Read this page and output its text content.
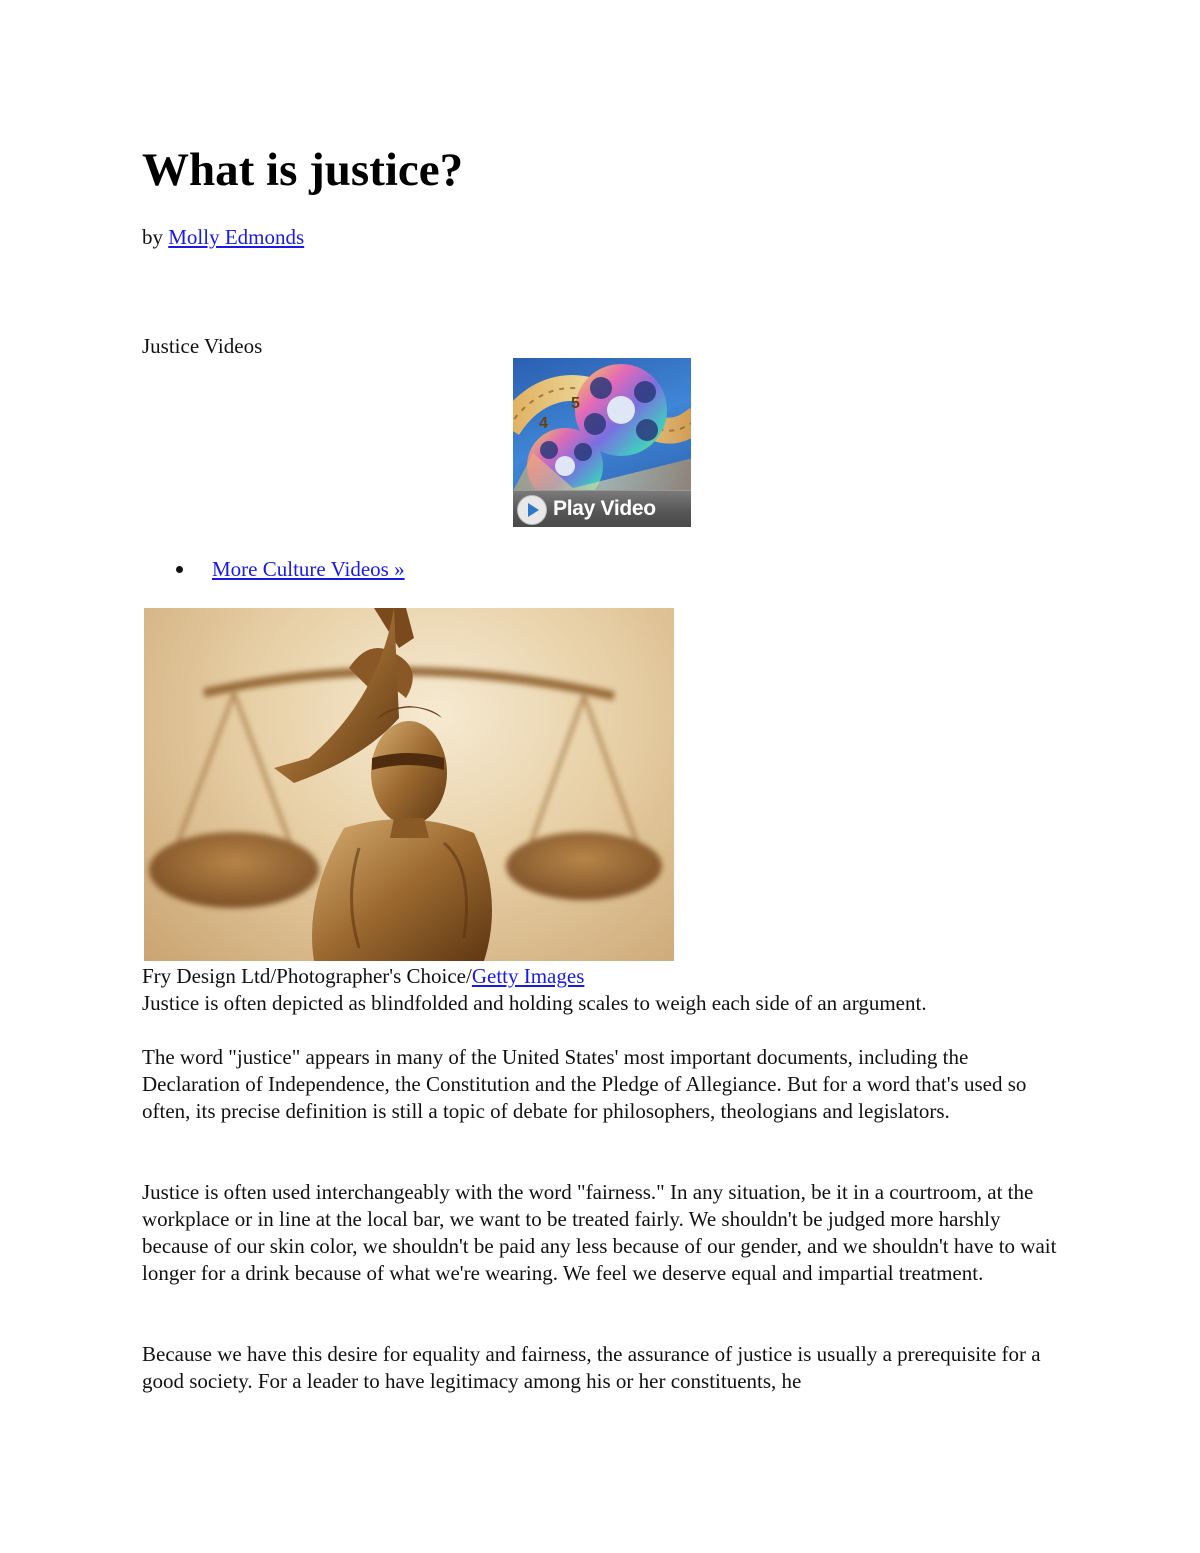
What is justice?
by Molly Edmonds
Justice Videos
4
5
Play Video
More Culture Videos »
Fry Design Ltd/Photographer's Choice/Getty Images
Justice is often depicted as blindfolded and holding scales to weigh each side of an argument.

The word "justice" appears in many of the United States' most important documents, including the Declaration of Independence, the Constitution and the Pledge of Allegiance. But for a word that's used so often, its precise definition is still a topic of debate for philosophers, theologians and legislators.

Justice is often used interchangeably with the word "fairness." In any situation, be it in a courtroom, at the workplace or in line at the local bar, we want to be treated fairly. We shouldn't be judged more harshly because of our skin color, we shouldn't be paid any less because of our gender, and we shouldn't have to wait longer for a drink because of what we're wearing. We feel we deserve equal and impartial treatment.

Because we have this desire for equality and fairness, the assurance of justice is usually a prerequisite for a good society. For a leader to have legitimacy among his or her constituents, he
